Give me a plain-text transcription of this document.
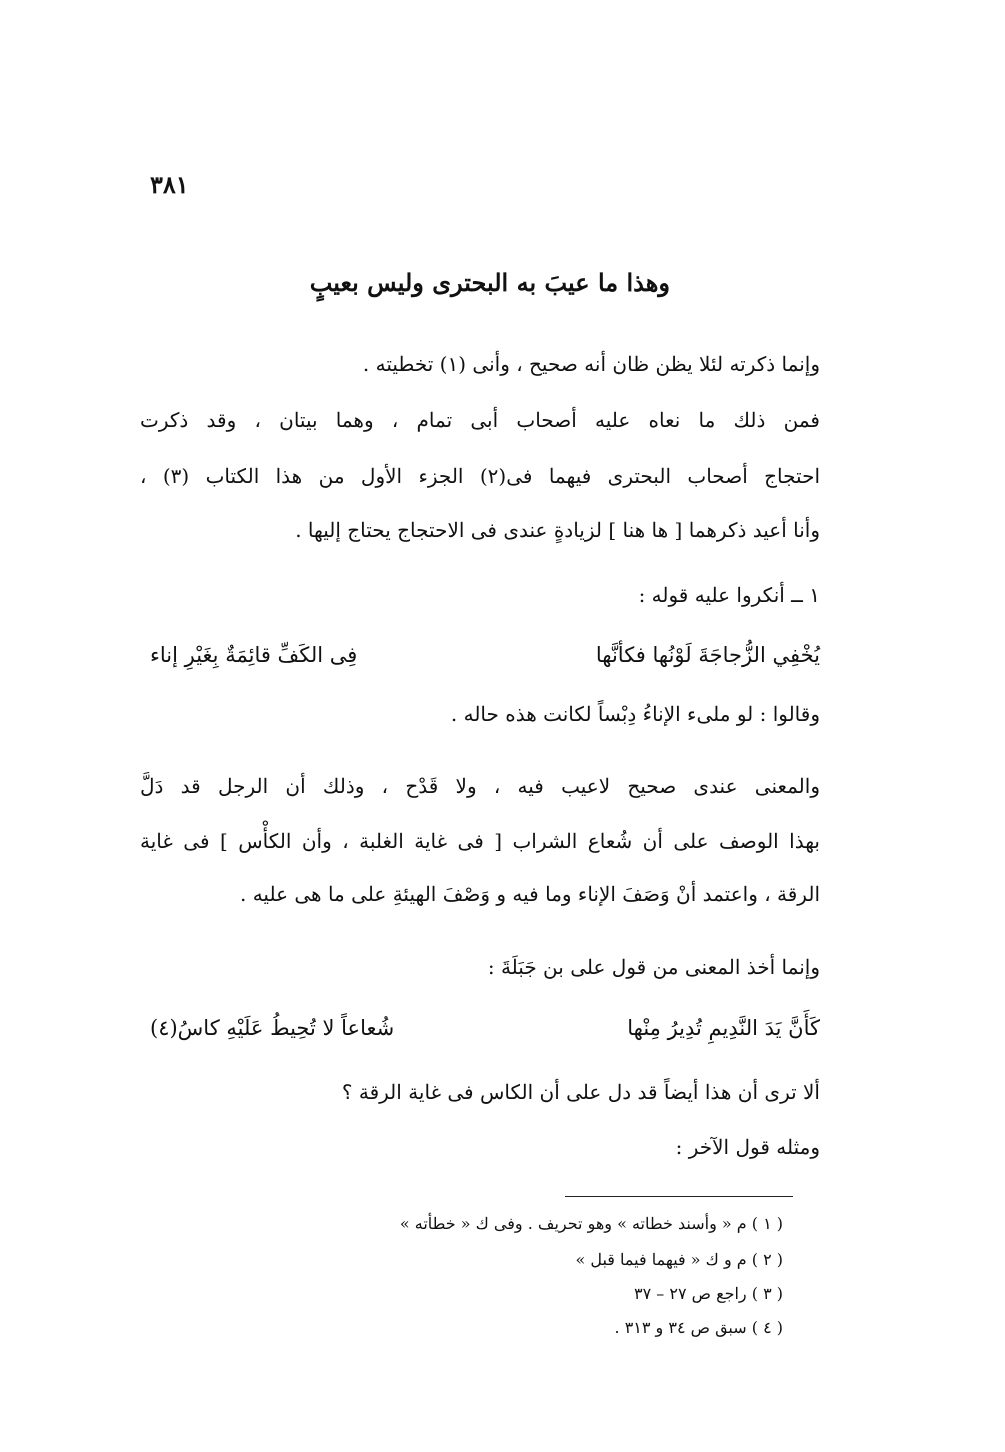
٣٨١
وهذا ما عيبَ به البحترى وليس بعيبٍ
وإنما ذكرته لئلا يظن ظان أنه صحيح ، وأنى (١) تخطيته .
فمن ذلك ما نعاه عليه أصحاب أبى تمام ، وهما بيتان ، وقد ذكرت
احتجاج أصحاب البحترى فيهما فى(٢) الجزء الأول من هذا الكتاب (٣) ،
وأنا أعيد ذكرهما [ ها هنا ] لزيادةٍ عندى فى الاحتجاج يحتاج إليها .
١ ــ أنكروا عليه قوله :
يُخْفِي الزُّجاجَةَ لَوْنُها فكأنَّها
فِى الكَفِّ قائِمَةٌ بِغَيْرِ إناء
وقالوا : لو ملىء الإناءُ دِبْساً لكانت هذه حاله .
والمعنى عندى صحيح لاعيب فيه ، ولا قَدْح ، وذلك أن الرجل قد دَلَّ
بهذا الوصف على أن شُعاع الشراب [ فى غاية الغلبة ، وأن الكأْس ] فى غاية
الرقة ، واعتمد أنْ وَصَفَ الإناء وما فيه و وَصْفَ الهيئةِ على ما هى عليه .
وإنما أخذ المعنى من قول على بن جَبَلَةَ :
كَأَنَّ يَدَ النَّدِيمِ تُدِيرُ مِنْها
شُعاعاً لا تُحِيطُ عَلَيْهِ كاسُ(٤)
ألا ترى أن هذا أيضاً قد دل على أن الكاس فى غاية الرقة ؟
ومثله قول الآخر :
( ١ ) م « وأسند خطاته » وهو تحريف . وفى ك « خطأته »
( ٢ ) م و ك « فيهما فيما قبل »
( ٣ ) راجع ص ٢٧ – ٣٧
( ٤ ) سبق ص ٣٤ و ٣١٣ .
